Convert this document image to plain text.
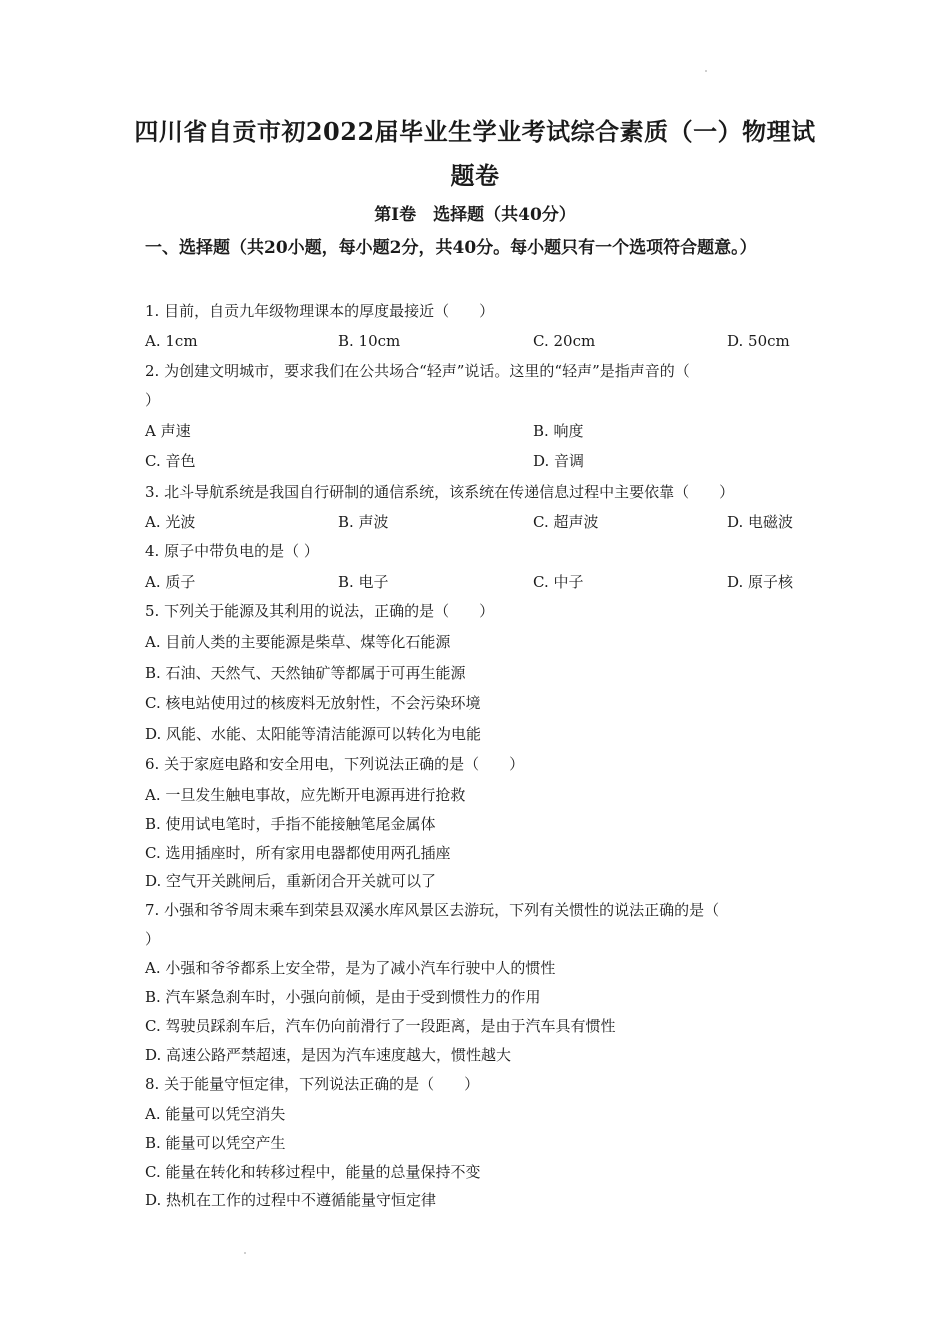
四川省自贡市初2022届毕业生学业考试综合素质（一）物理试题卷
第Ⅰ卷　选择题（共40分）
一、选择题（共20小题，每小题2分，共40分。每小题只有一个选项符合题意。）
1. 目前，自贡九年级物理课本的厚度最接近（　　）
A. 1cm	B. 10cm	C. 20cm	D. 50cm
2. 为创建文明城市，要求我们在公共场合“轻声”说话。这里的“轻声”是指声音的（
）
A 声速	B. 响度
C. 音色	D. 音调
3. 北斗导航系统是我国自行研制的通信系统，该系统在传递信息过程中主要依靠（　　）
A. 光波	B. 声波	C. 超声波	D. 电磁波
4. 原子中带负电的是（ ）
A. 质子	B. 电子	C. 中子	D. 原子核
5. 下列关于能源及其利用的说法，正确的是（　　）
A. 目前人类的主要能源是柴草、煤等化石能源
B. 石油、天然气、天然铀矿等都属于可再生能源
C. 核电站使用过的核废料无放射性，不会污染环境
D. 风能、水能、太阳能等清洁能源可以转化为电能
6. 关于家庭电路和安全用电，下列说法正确的是（　　）
A. 一旦发生触电事故，应先断开电源再进行抢救
B. 使用试电笔时，手指不能接触笔尾金属体
C. 选用插座时，所有家用电器都使用两孔插座
D. 空气开关跳闸后，重新闭合开关就可以了
7. 小强和爷爷周末乘车到荣县双溪水库风景区去游玩，下列有关惯性的说法正确的是（
）
A. 小强和爷爷都系上安全带，是为了减小汽车行驶中人的惯性
B. 汽车紧急刹车时，小强向前倾，是由于受到惯性力的作用
C. 驾驶员踩刹车后，汽车仍向前滑行了一段距离，是由于汽车具有惯性
D. 高速公路严禁超速，是因为汽车速度越大，惯性越大
8. 关于能量守恒定律，下列说法正确的是（　　）
A. 能量可以凭空消失
B. 能量可以凭空产生
C. 能量在转化和转移过程中，能量的总量保持不变
D. 热机在工作的过程中不遵循能量守恒定律
